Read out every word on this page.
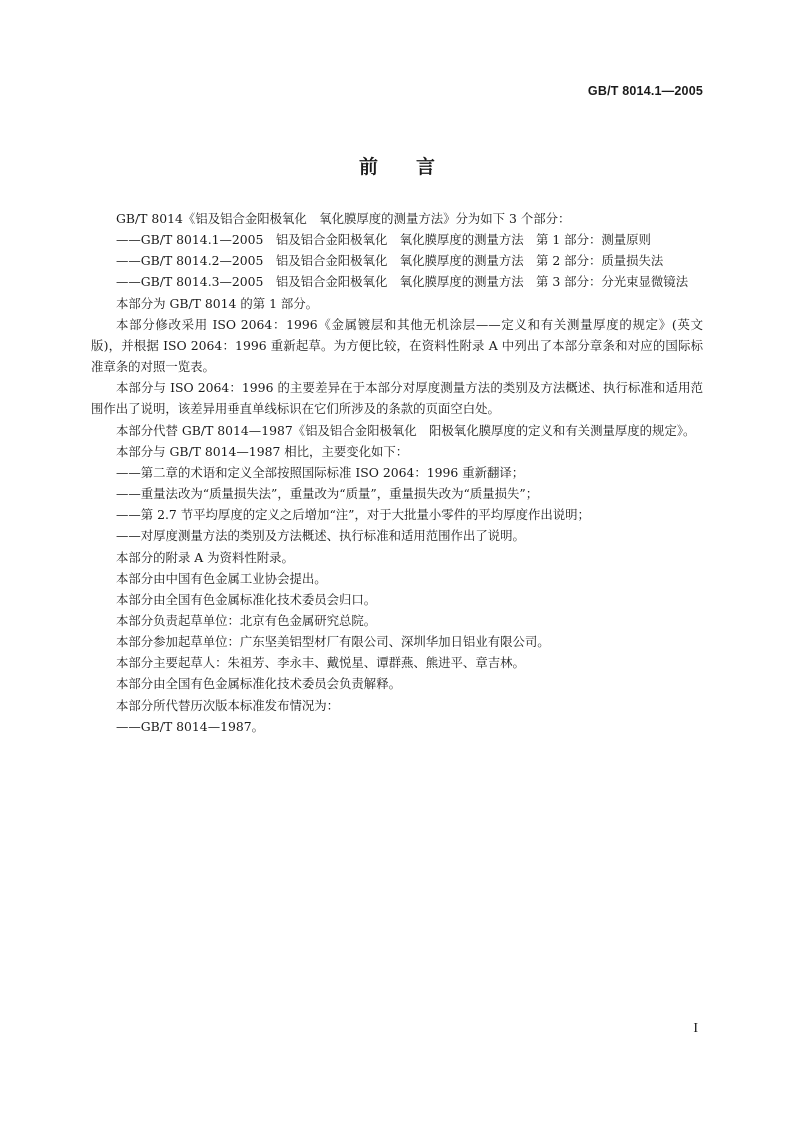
GB/T 8014.1—2005
前言

GB/T 8014《铝及铝合金阳极氧化　氧化膜厚度的测量方法》分为如下 3 个部分：

——GB/T 8014.1—2005　铝及铝合金阳极氧化　氧化膜厚度的测量方法　第 1 部分：测量原则

——GB/T 8014.2—2005　铝及铝合金阳极氧化　氧化膜厚度的测量方法　第 2 部分：质量损失法

——GB/T 8014.3—2005　铝及铝合金阳极氧化　氧化膜厚度的测量方法　第 3 部分：分光束显微镜法

本部分为 GB/T 8014 的第 1 部分。

本部分修改采用 ISO 2064：1996《金属镀层和其他无机涂层——定义和有关测量厚度的规定》(英文版)，并根据 ISO 2064：1996 重新起草。为方便比较，在资料性附录 A 中列出了本部分章条和对应的国际标准章条的对照一览表。

本部分与 ISO 2064：1996 的主要差异在于本部分对厚度测量方法的类别及方法概述、执行标准和适用范围作出了说明，该差异用垂直单线标识在它们所涉及的条款的页面空白处。

本部分代替 GB/T 8014—1987《铝及铝合金阳极氧化　阳极氧化膜厚度的定义和有关测量厚度的规定》。

本部分与 GB/T 8014—1987 相比，主要变化如下：

——第二章的术语和定义全部按照国际标准 ISO 2064：1996 重新翻译；

——重量法改为“质量损失法”，重量改为“质量”，重量损失改为“质量损失”；

——第 2.7 节平均厚度的定义之后增加“注”，对于大批量小零件的平均厚度作出说明；

——对厚度测量方法的类别及方法概述、执行标准和适用范围作出了说明。

本部分的附录 A 为资料性附录。

本部分由中国有色金属工业协会提出。

本部分由全国有色金属标准化技术委员会归口。

本部分负责起草单位：北京有色金属研究总院。

本部分参加起草单位：广东坚美铝型材厂有限公司、深圳华加日铝业有限公司。

本部分主要起草人：朱祖芳、李永丰、戴悦星、谭群燕、熊进平、章吉林。

本部分由全国有色金属标准化技术委员会负责解释。

本部分所代替历次版本标准发布情况为：

——GB/T 8014—1987。

I
